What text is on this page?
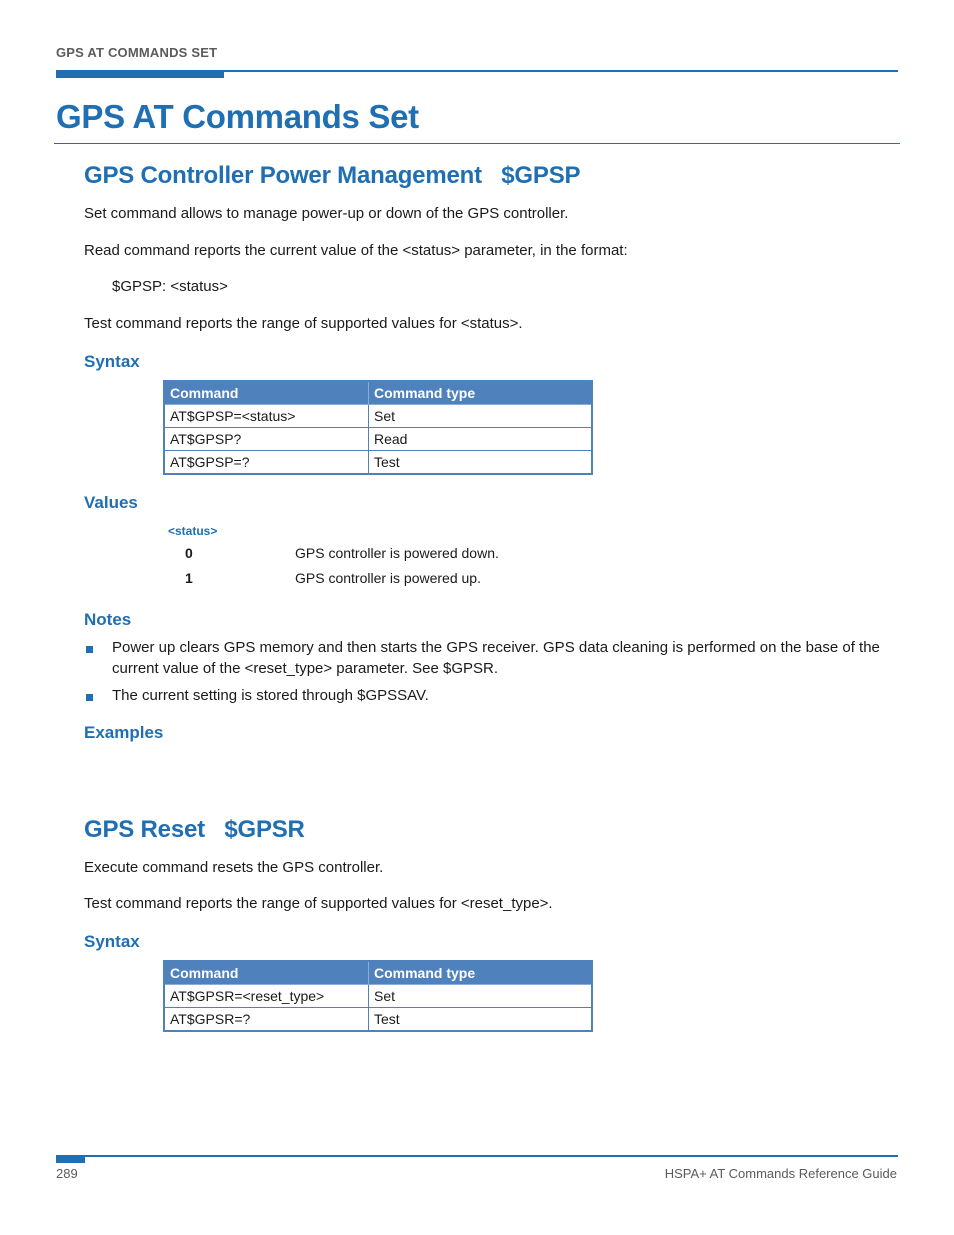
GPS AT COMMANDS SET
GPS AT Commands Set
GPS Controller Power Management   $GPSP
Set command allows to manage power-up or down of the GPS controller.
Read command reports the current value of the <status> parameter, in the format:
$GPSP: <status>
Test command reports the range of supported values for <status>.
Syntax
Command	Command type
AT$GPSP=<status>	Set
AT$GPSP?	Read
AT$GPSP=?	Test
Values
<status>
0	GPS controller is powered down.
1	GPS controller is powered up.
Notes
Power up clears GPS memory and then starts the GPS receiver. GPS data cleaning is performed on the base of the current value of the <reset_type> parameter. See $GPSR.
The current setting is stored through $GPSSAV.
Examples
GPS Reset   $GPSR
Execute command resets the GPS controller.
Test command reports the range of supported values for <reset_type>.
Syntax
Command	Command type
AT$GPSR=<reset_type>	Set
AT$GPSR=?	Test
289	HSPA+ AT Commands Reference Guide
